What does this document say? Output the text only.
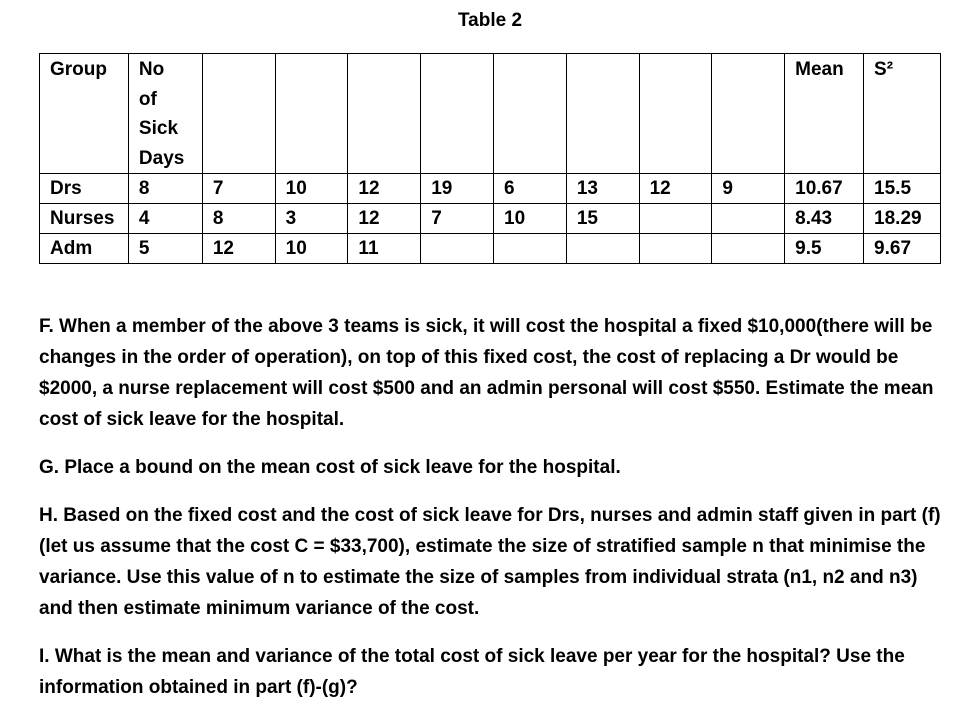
Table 2
Group	No
of
Sick
Days									Mean	S²
Drs	8	7	10	12	19	6	13	12	9	10.67	15.5
Nurses	4	8	3	12	7	10	15			8.43	18.29
Adm	5	12	10	11						9.5	9.67

F. When a member of the above 3 teams is sick, it will cost the hospital a fixed $10,000(there will be changes in the order of operation), on top of this fixed cost, the cost of replacing a Dr would be $2000, a nurse replacement will cost $500 and an admin personal will cost $550. Estimate the mean cost of sick leave for the hospital.

G. Place a bound on the mean cost of sick leave for the hospital.

H. Based on the fixed cost and the cost of sick leave for Drs, nurses and admin staff given in part (f) (let us assume that the cost C = $33,700), estimate the size of stratified sample n that minimise the variance. Use this value of n to estimate the size of samples from individual strata (n1, n2 and n3) and then estimate minimum variance of the cost.

I. What is the mean and variance of the total cost of sick leave per year for the hospital? Use the information obtained in part (f)-(g)?
